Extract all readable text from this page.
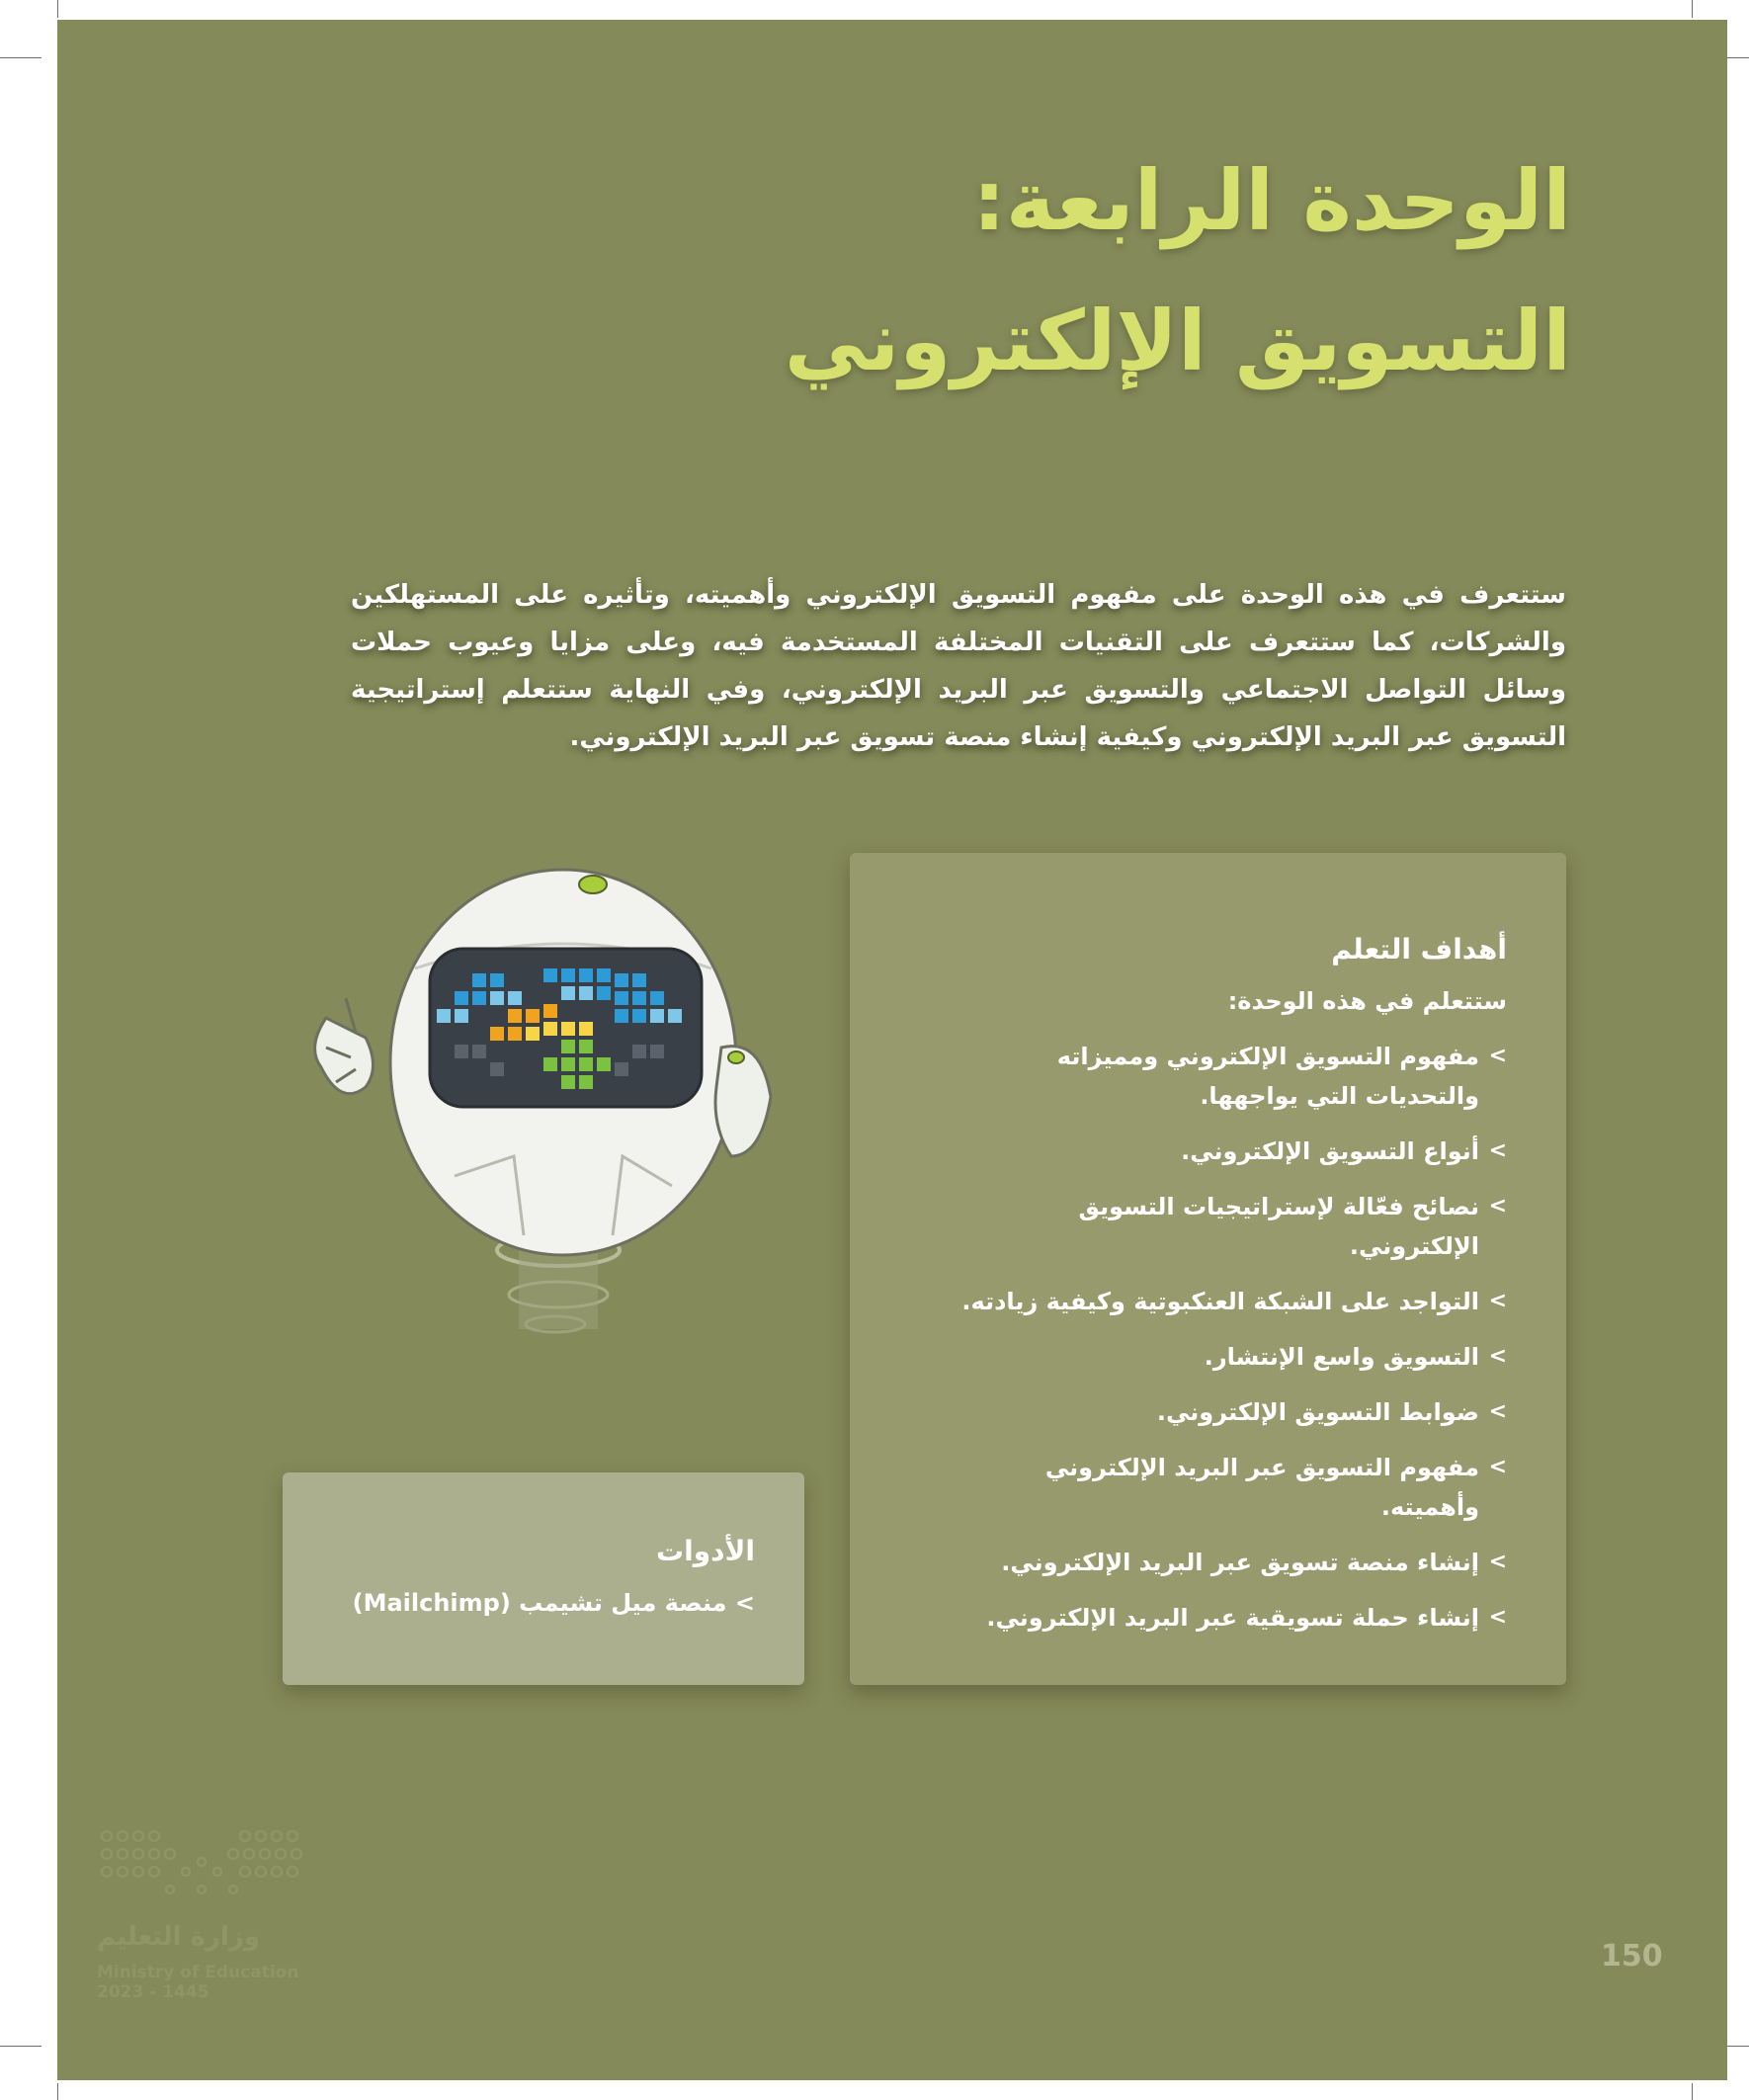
الوحدة الرابعة:
التسويق الإلكتروني

ستتعرف في هذه الوحدة على مفهوم التسويق الإلكتروني وأهميته، وتأثيره على المستهلكين والشركات، كما ستتعرف على التقنيات المختلفة المستخدمة فيه، وعلى مزايا وعيوب حملات وسائل التواصل الاجتماعي والتسويق عبر البريد الإلكتروني، وفي النهاية ستتعلم إستراتيجية التسويق عبر البريد الإلكتروني وكيفية إنشاء منصة تسويق عبر البريد الإلكتروني.

أهداف التعلم
ستتعلم في هذه الوحدة:
>
مفهوم التسويق الإلكتروني ومميزاته والتحديات التي يواجهها.
>
أنواع التسويق الإلكتروني.
>
نصائح فعّالة لإستراتيجيات التسويق الإلكتروني.
>
التواجد على الشبكة العنكبوتية وكيفية زيادته.
>
التسويق واسع الإنتشار.
>
ضوابط التسويق الإلكتروني.
>
مفهوم التسويق عبر البريد الإلكتروني وأهميته.
>
إنشاء منصة تسويق عبر البريد الإلكتروني.
>
إنشاء حملة تسويقية عبر البريد الإلكتروني.
الأدوات
> منصة ميل تشيمب (Mailchimp)
وزارة التعليم
Ministry of Education
2023 - 1445
150
